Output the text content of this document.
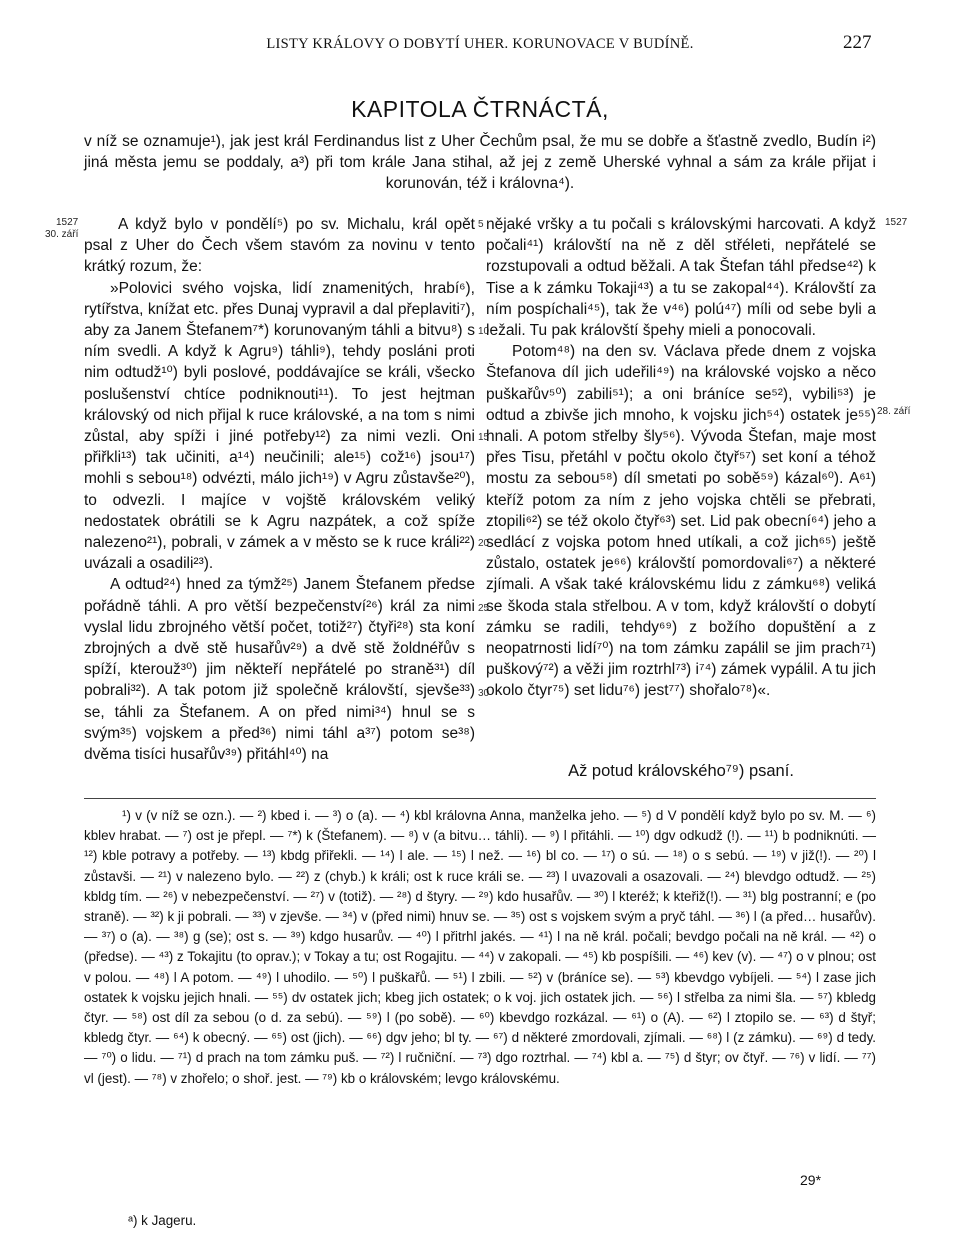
LISTY KRÁLOVY O DOBYTÍ UHER. KORUNOVACE V BUDÍNĚ.	227
KAPITOLA ČTRNÁCTÁ,
v níž se oznamuje¹), jak jest král Ferdinandus list z Uher Čechům psal, že mu se dobře a šťastně zvedlo, Budín i²) jiná města jemu se poddaly, a³) při tom krále Jana stihal, až jej z země Uherské vyhnal a sám za krále přijat i korunován, též i královna⁴).
1527
30. září
1527
28. září
5
10
15
20
25
30

A když bylo v pondělí⁵) po sv. Michalu, král opět psal z Uher do Čech všem stavóm za novinu v tento krátký rozum, že:

»Polovici svého vojska, lidí znamenitých, hrabí⁶), rytířstva, knížat etc. přes Dunaj vypravil a dal přeplaviti⁷), aby za Janem Štefanem⁷*) korunovaným táhli a bitvu⁸) s ním svedli. A když k Agru⁹) táhli⁹), tehdy posláni proti nim odtudž¹⁰) byli poslové, poddávajíce se králi, všecko poslušenství chtíce podniknouti¹¹). To jest hejtman královský od nich přijal k ruce královské, a na tom s nimi zůstal, aby spíži i jiné potřeby¹²) za nimi vezli. Oni přiřkli¹³) tak učiniti, a¹⁴) neučinili; ale¹⁵) což¹⁶) jsou¹⁷) mohli s sebou¹⁸) odvézti, málo jich¹⁹) v Agru zůstavše²⁰), to odvezli. I majíce v vojště královském veliký nedostatek obrátili se k Agru nazpátek, a což spíže nalezeno²¹), pobrali, v zámek a v město se k ruce králi²²) uvázali a osadili²³).

A odtud²⁴) hned za týmž²⁵) Janem Štefanem předse pořádně táhli. A pro větší bezpečenství²⁶) král za nimi vyslal lidu zbrojného větší počet, totiž²⁷) čtyři²⁸) sta koní zbrojných a dvě stě husařův²⁹) a dvě stě žoldnéřův s spíží, kterouž³⁰) jim někteří nepřátelé po straně³¹) díl pobrali³²). A tak potom již společně královští, sjevše³³) se, táhli za Štefanem. A on před nimi³⁴) hnul se s svým³⁵) vojskem a před³⁶) nimi táhl a³⁷) potom se³⁸) dvěma tisíci husařův³⁹) přitáhl⁴⁰) na

nějaké vršky a tu počali s královskými harcovati. A když počali⁴¹) královští na ně z děl střéleti, nepřátelé se rozstupovali a odtud běžali. A tak Štefan táhl předse⁴²) k Tise a k zámku Tokaji⁴³) a tu se zakopal⁴⁴). Královští za ním pospíchali⁴⁵), tak že v⁴⁶) polú⁴⁷) míli od sebe byli a ležali. Tu pak královští špehy mieli a ponocovali.

Potom⁴⁸) na den sv. Václava přede dnem z vojska Štefanova díl jich udeřili⁴⁹) na královské vojsko a něco puškařův⁵⁰) zabili⁵¹); a oni bráníce se⁵²), vybili⁵³) je odtud a zbivše jich mnoho, k vojsku jich⁵⁴) ostatek je⁵⁵) hnali. A potom střelby šly⁵⁶). Vývoda Štefan, maje most přes Tisu, přetáhl v počtu okolo čtyř⁵⁷) set koní a téhož mostu za sebou⁵⁸) díl smetati po sobě⁵⁹) kázal⁶⁰). A⁶¹) kteříž potom za ním z jeho vojska chtěli se přebrati, ztopili⁶²) se též okolo čtyř⁶³) set. Lid pak obecní⁶⁴) jeho a sedlácí z vojska potom hned utíkali, a což jich⁶⁵) ještě zůstalo, ostatek je⁶⁶) královští pomordovali⁶⁷) a některé zjímali. A však také královskému lidu z zámku⁶⁸) veliká se škoda stala střelbou. A v tom, když královští o dobytí zámku se radili, tehdy⁶⁹) z božího dopuštění a z neopatrnosti lidí⁷⁰) na tom zámku zapálil se jim prach⁷¹) puškový⁷²) a věži jim roztrhl⁷³) i⁷⁴) zámek vypálil. A tu jich okolo čtyr⁷⁵) set lidu⁷⁶) jest⁷⁷) shořalo⁷⁸)«.

Až potud královského⁷⁹) psaní.
¹) v (v níž se ozn.). — ²) kbed i. — ³) o (a). — ⁴) kbl královna Anna, manželka jeho. — ⁵) d V pondělí když bylo po sv. M. — ⁶) kblev hrabat. — ⁷) ost je přepl. — ⁷*) k (Štefanem). — ⁸) v (a bitvu… táhli). — ⁹) l přitáhli. — ¹⁰) dgv odkudž (!). — ¹¹) b podniknúti. — ¹²) kble potravy a potřeby. — ¹³) kbdg přiřekli. — ¹⁴) l ale. — ¹⁵) l než. — ¹⁶) bl co. — ¹⁷) o sú. — ¹⁸) o s sebú. — ¹⁹) v již(!). — ²⁰) l zůstavši. — ²¹) v nalezeno bylo. — ²²) z (chyb.) k králi; ost k ruce králi se. — ²³) l uvazovali a osazovali. — ²⁴) blevdgo odtudž. — ²⁵) kbldg tím. — ²⁶) v nebezpečenství. — ²⁷) v (totiž). — ²⁸) d štyry. — ²⁹) kdo husařův. — ³⁰) l kteréž; k kteřiž(!). — ³¹) blg postranní; e (po straně). — ³²) k ji pobrali. — ³³) v zjevše. — ³⁴) v (před nimi) hnuv se. — ³⁵) ost s vojskem svým a pryč táhl. — ³⁶) l (a před… husařův). — ³⁷) o (a). — ³⁸) g (se); ost s. — ³⁹) kdgo husarův. — ⁴⁰) l přitrhl jakés. — ⁴¹) l na ně král. počali; bevdgo počali na ně král. — ⁴²) o (předse). — ⁴³) z Tokajitu (to oprav.); v Tokay a tu; ost Rogajitu. — ⁴⁴) v zakopali. — ⁴⁵) kb pospíšili. — ⁴⁶) kev (v). — ⁴⁷) o v plnou; ost v polou. — ⁴⁸) l A potom. — ⁴⁹) l uhodilo. — ⁵⁰) l puškařů. — ⁵¹) l zbili. — ⁵²) v (bráníce se). — ⁵³) kbevdgo vybíjeli. — ⁵⁴) l zase jich ostatek k vojsku jejich hnali. — ⁵⁵) dv ostatek jich; kbeg jich ostatek; o k voj. jich ostatek jich. — ⁵⁶) l střelba za nimi šla. — ⁵⁷) kbledg čtyr. — ⁵⁸) ost díl za sebou (o d. za sebú). — ⁵⁹) l (po sobě). — ⁶⁰) kbevdgo rozkázal. — ⁶¹) o (A). — ⁶²) l ztopilo se. — ⁶³) d štyř; kbledg čtyr. — ⁶⁴) k obecný. — ⁶⁵) ost (jich). — ⁶⁶) dgv jeho; bl ty. — ⁶⁷) d některé zmordovali, zjímali. — ⁶⁸) l (z zámku). — ⁶⁹) d tedy. — ⁷⁰) o lidu. — ⁷¹) d prach na tom zámku puš. — ⁷²) l ručniční. — ⁷³) dgo roztrhal. — ⁷⁴) kbl a. — ⁷⁵) d štyr; ov čtyř. — ⁷⁶) v lidí. — ⁷⁷) vl (jest). — ⁷⁸) v zhořelo; o shoř. jest. — ⁷⁹) kb o královském; levgo královskému.
29*
ᵃ) k Jageru.
